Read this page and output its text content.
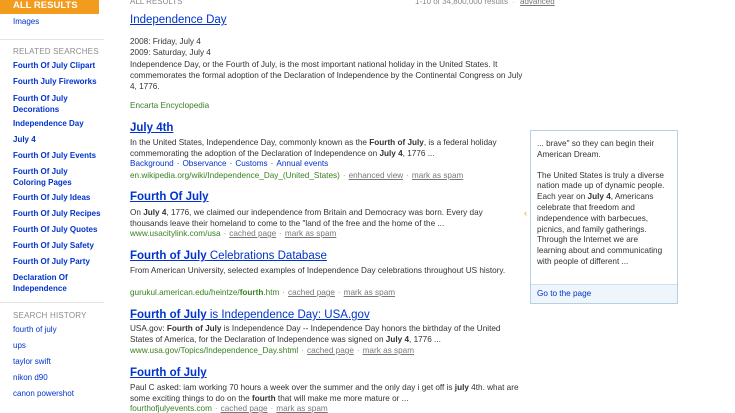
ALL RESULTS
Images
RELATED SEARCHES
Fourth Of July Clipart
Fourth July Fireworks
Fourth Of July Decorations
Independence Day
July 4
Fourth Of July Events
Fourth Of July Coloring Pages
Fourth Of July Ideas
Fourth Of July Recipes
Fourth Of July Quotes
Fourth Of July Safety
Fourth Of July Party
Declaration Of Independence
SEARCH HISTORY
fourth of july
ups
taylor swift
nikon d90
canon powershot
ALL RESULTS	1-10 of 34,800,000 results · advanced
Independence Day
2008: Friday, July 4
2009: Saturday, July 4
Independence Day, or the Fourth of July, is the most important national holiday in the United States. It commemorates the formal adoption of the Declaration of Independence by the Continental Congress on July 4, 1776.
Encarta Encyclopedia
July 4th
In the United States, Independence Day, commonly known as the Fourth of July, is a federal holiday commemorating the adoption of the Declaration of Independence on July 4, 1776 ...
Background · Observance · Customs · Annual events
en.wikipedia.org/wiki/Independence_Day_(United_States) · enhanced view · mark as spam
Fourth Of July
On July 4, 1776, we claimed our independence from Britain and Democracy was born. Every day thousands leave their homeland to come to the "land of the free and the home of the ...
www.usacitylink.com/usa · cached page · mark as spam
Fourth of July Celebrations Database
From American University, selected examples of Independence Day celebrations throughout US history.
gurukul.american.edu/heintze/fourth.htm · cached page · mark as spam
Fourth of July is Independence Day: USA.gov
USA.gov: Fourth of July is Independence Day -- Independence Day honors the birthday of the United States of America, for the Declaration of Independence was signed on July 4, 1776 ...
www.usa.gov/Topics/Independence_Day.shtml · cached page · mark as spam
Fourth of July
Paul C asked: iam working 70 hours a week over the summer and the only day i get off is july 4th. what are some exciting things to do on the fourth that will make me more mature or ...
fourthofjulyevents.com · cached page · mark as spam
‹
... brave" so they can begin their American Dream.
The United States is truly a diverse nation made up of dynamic people. Each year on July 4, Americans celebrate that freedom and independence with barbecues, picnics, and family gatherings. Through the Internet we are learning about and communicating with people of different ...
Go to the page
